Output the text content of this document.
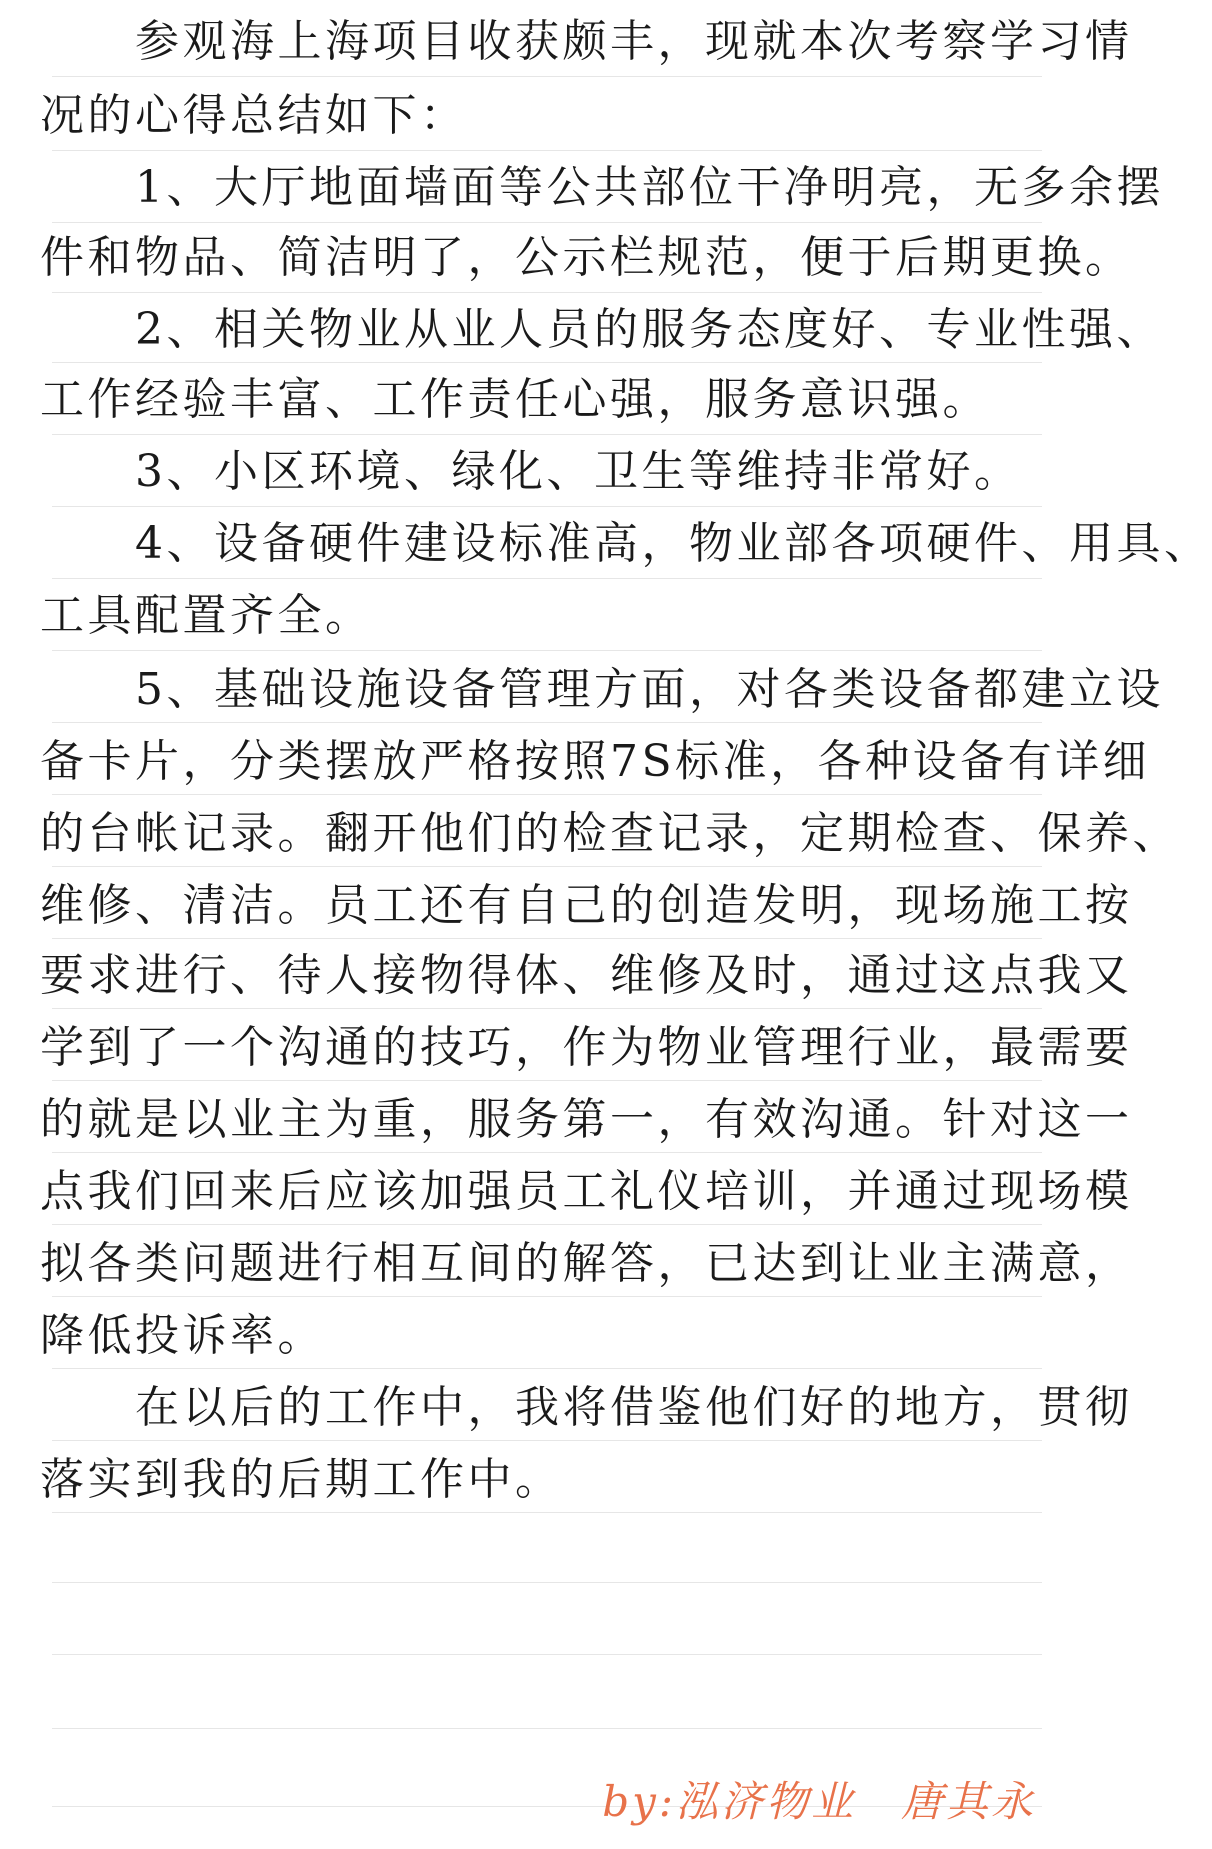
　　参观海上海项目收获颇丰，现就本次考察学习情
况的心得总结如下：
　　1、大厅地面墙面等公共部位干净明亮，无多余摆
件和物品、简洁明了，公示栏规范，便于后期更换。
　　2、相关物业从业人员的服务态度好、专业性强、
工作经验丰富、工作责任心强，服务意识强。
　　3、小区环境、绿化、卫生等维持非常好。
　　4、设备硬件建设标准高，物业部各项硬件、用具、
工具配置齐全。
　　5、基础设施设备管理方面，对各类设备都建立设
备卡片，分类摆放严格按照7S标准，各种设备有详细
的台帐记录。翻开他们的检查记录，定期检查、保养、
维修、清洁。员工还有自己的创造发明，现场施工按
要求进行、待人接物得体、维修及时，通过这点我又
学到了一个沟通的技巧，作为物业管理行业，最需要
的就是以业主为重，服务第一，有效沟通。针对这一
点我们回来后应该加强员工礼仪培训，并通过现场模
拟各类问题进行相互间的解答，已达到让业主满意，
降低投诉率。
　　在以后的工作中，我将借鉴他们好的地方，贯彻
落实到我的后期工作中。
by:泓济物业　唐其永
